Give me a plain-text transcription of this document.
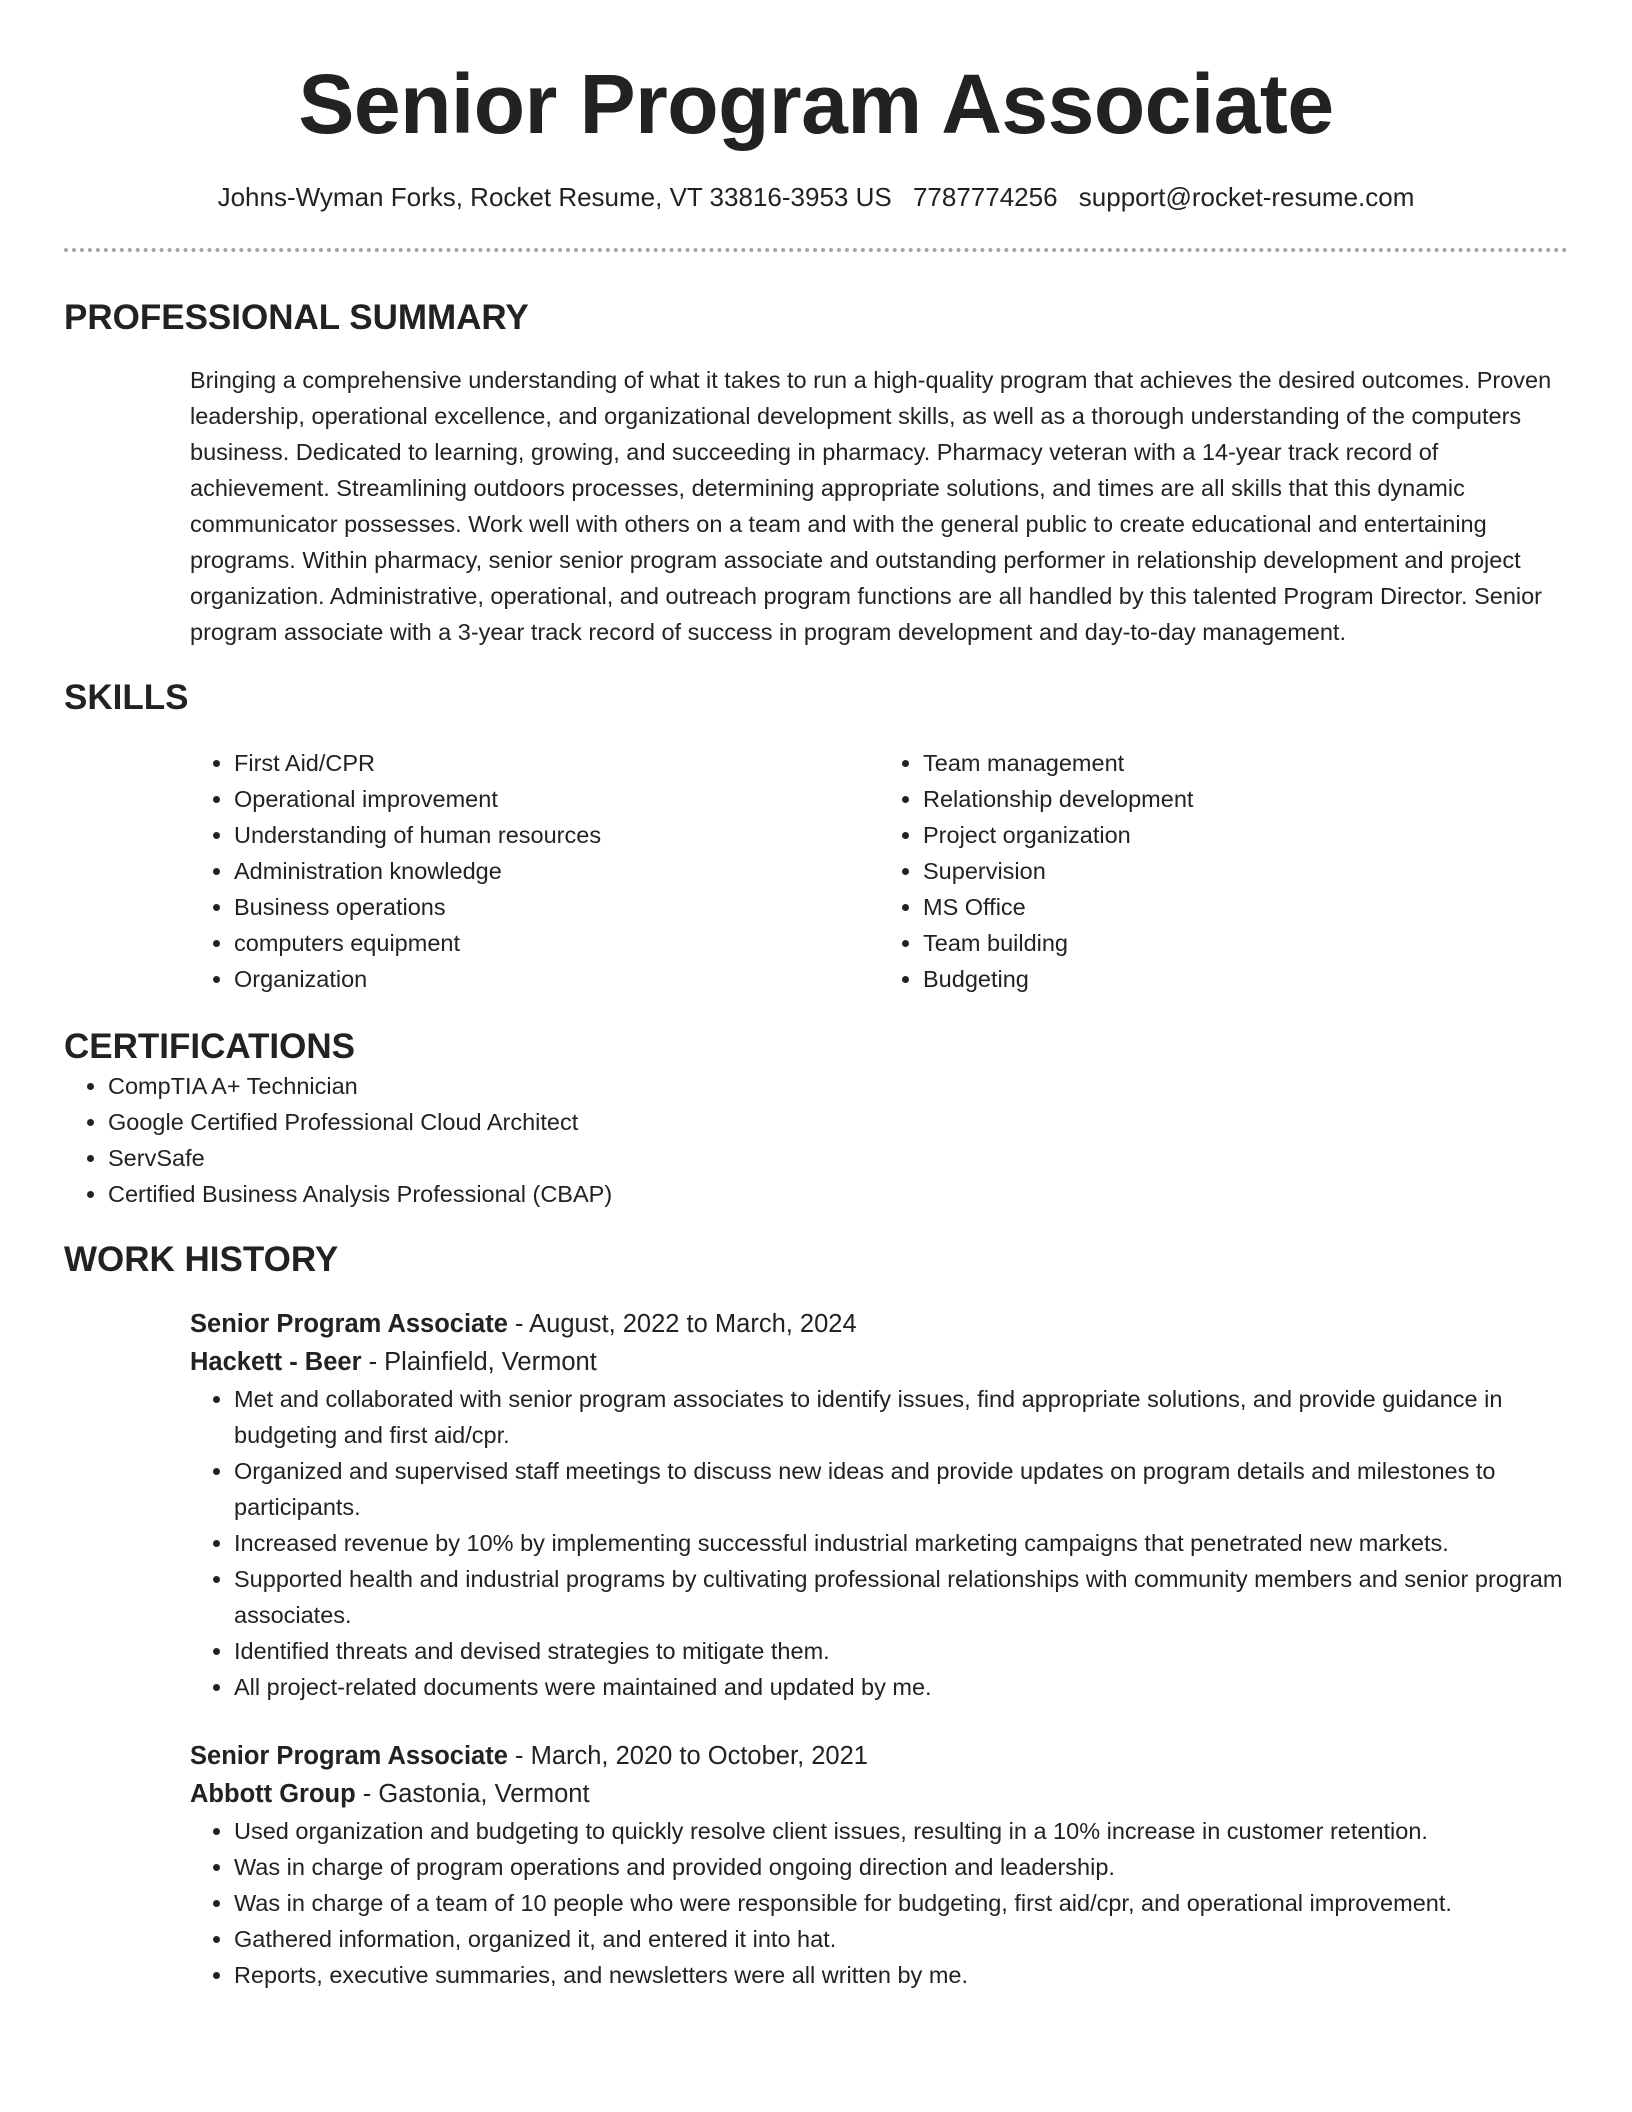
Senior Program Associate
Johns-Wyman Forks, Rocket Resume, VT 33816-3953 US 7787774256 support@rocket-resume.com
PROFESSIONAL SUMMARY
Bringing a comprehensive understanding of what it takes to run a high-quality program that achieves the desired outcomes. Proven leadership, operational excellence, and organizational development skills, as well as a thorough understanding of the computers business. Dedicated to learning, growing, and succeeding in pharmacy. Pharmacy veteran with a 14-year track record of achievement. Streamlining outdoors processes, determining appropriate solutions, and times are all skills that this dynamic communicator possesses. Work well with others on a team and with the general public to create educational and entertaining programs. Within pharmacy, senior senior program associate and outstanding performer in relationship development and project organization. Administrative, operational, and outreach program functions are all handled by this talented Program Director. Senior program associate with a 3-year track record of success in program development and day-to-day management.
SKILLS
• First Aid/CPR
• Operational improvement
• Understanding of human resources
• Administration knowledge
• Business operations
• computers equipment
• Organization
• Team management
• Relationship development
• Project organization
• Supervision
• MS Office
• Team building
• Budgeting
CERTIFICATIONS
• CompTIA A+ Technician
• Google Certified Professional Cloud Architect
• ServSafe
• Certified Business Analysis Professional (CBAP)
WORK HISTORY
Senior Program Associate - August, 2022 to March, 2024
Hackett - Beer - Plainfield, Vermont
• Met and collaborated with senior program associates to identify issues, find appropriate solutions, and provide guidance in budgeting and first aid/cpr.
• Organized and supervised staff meetings to discuss new ideas and provide updates on program details and milestones to participants.
• Increased revenue by 10% by implementing successful industrial marketing campaigns that penetrated new markets.
• Supported health and industrial programs by cultivating professional relationships with community members and senior program associates.
• Identified threats and devised strategies to mitigate them.
• All project-related documents were maintained and updated by me.
Senior Program Associate - March, 2020 to October, 2021
Abbott Group - Gastonia, Vermont
• Used organization and budgeting to quickly resolve client issues, resulting in a 10% increase in customer retention.
• Was in charge of program operations and provided ongoing direction and leadership.
• Was in charge of a team of 10 people who were responsible for budgeting, first aid/cpr, and operational improvement.
• Gathered information, organized it, and entered it into hat.
• Reports, executive summaries, and newsletters were all written by me.
